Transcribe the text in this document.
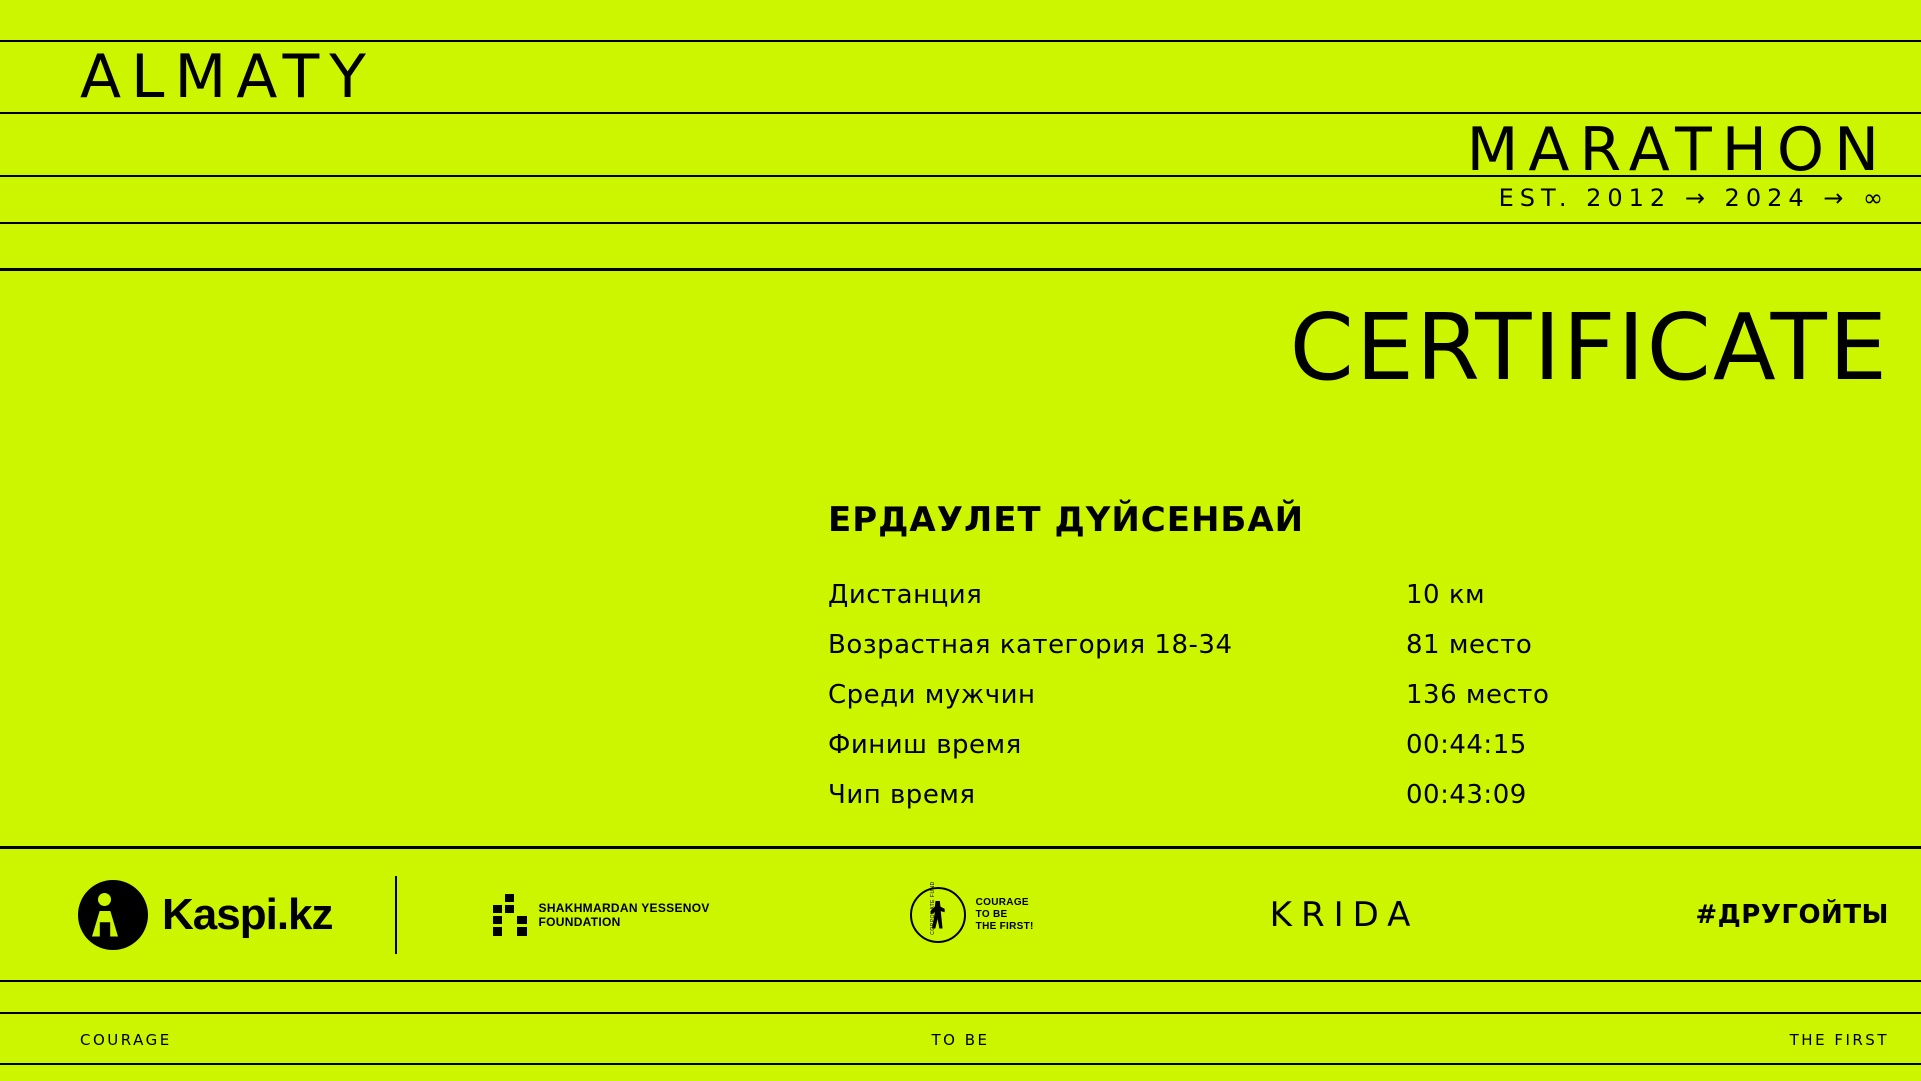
ALMATY
MARATHON
EST. 2012 → 2024 → ∞
CERTIFICATE
ЕРДАУЛЕТ ДҮЙСЕНБАЙ
Дистанция	10 км
Возрастная категория 18-34	81 место
Среди мужчин	136 место
Финиш время	00:44:15
Чип время	00:43:09
Kaspi.kz	SHAKHMARDAN YESSENOV
FOUNDATION	CORPORATE FUND	COURAGE
TO BE
THE FIRST!	KRIDA	#ДРУГОЙТЫ
COURAGE	TO BE	THE FIRST
